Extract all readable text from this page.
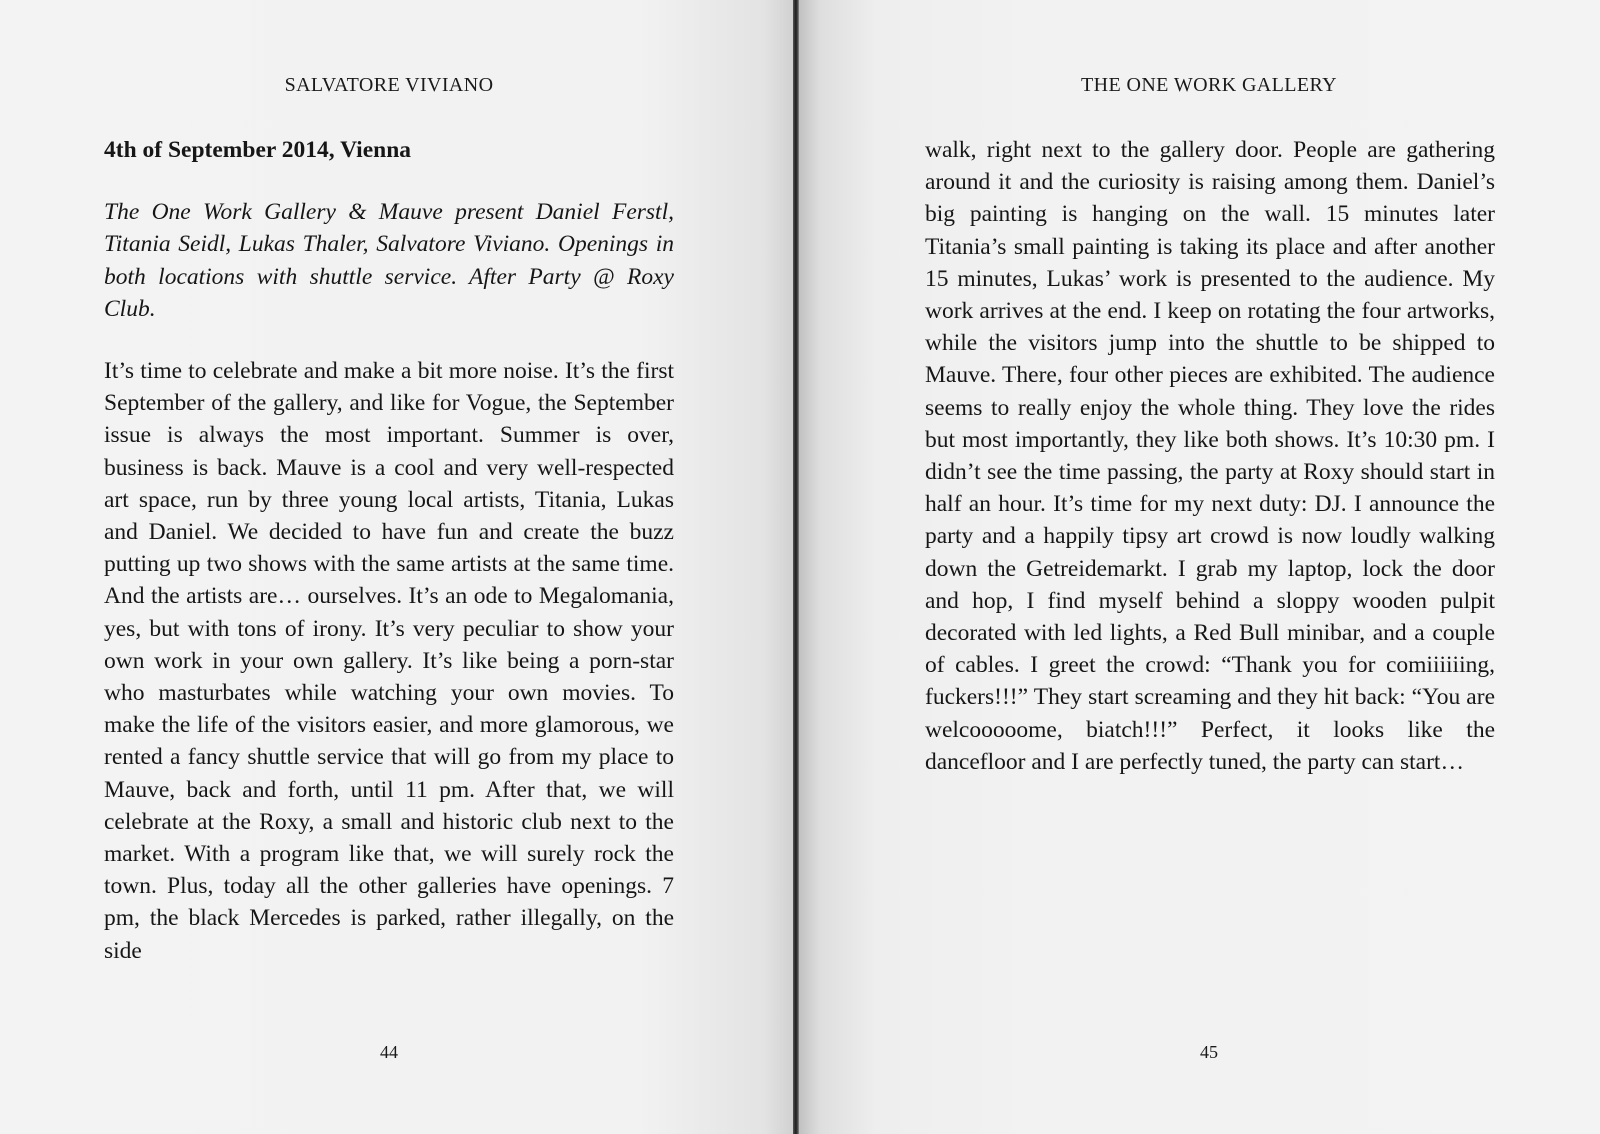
SALVATORE VIVIANO

4th of September 2014, Vienna

The One Work Gallery & Mauve present Daniel Ferstl, Titania Seidl, Lukas Thaler, Salvatore Viviano. Openings in both locations with shuttle service. After Party @ Roxy Club.

It’s time to celebrate and make a bit more noise. It’s the first September of the gallery, and like for Vogue, the September issue is always the most important. Summer is over, business is back. Mauve is a cool and very well-respected art space, run by three young local artists, Titania, Lukas and Daniel. We decided to have fun and create the buzz putting up two shows with the same artists at the same time. And the artists are… ourselves. It’s an ode to Megalomania, yes, but with tons of irony. It’s very peculiar to show your own work in your own gallery. It’s like being a porn-star who masturbates while watching your own movies. To make the life of the visitors easier, and more glamorous, we rented a fancy shuttle service that will go from my place to Mauve, back and forth, until 11 pm. After that, we will celebrate at the Roxy, a small and historic club next to the market. With a program like that, we will surely rock the town. Plus, today all the other galleries have openings. 7 pm, the black Mercedes is parked, rather illegally, on the side

44
THE ONE WORK GALLERY

walk, right next to the gallery door. People are gathering around it and the curiosity is raising among them. Daniel’s big painting is hanging on the wall. 15 minutes later Titania’s small painting is taking its place and after another 15 minutes, Lukas’ work is presented to the audience. My work arrives at the end. I keep on rotating the four artworks, while the visitors jump into the shuttle to be shipped to Mauve. There, four other pieces are exhibited. The audience seems to really enjoy the whole thing. They love the rides but most importantly, they like both shows. It’s 10:30 pm. I didn’t see the time passing, the party at Roxy should start in half an hour. It’s time for my next duty: DJ. I announce the party and a happily tipsy art crowd is now loudly walking down the Getreidemarkt. I grab my laptop, lock the door and hop, I find myself behind a sloppy wooden pulpit decorated with led lights, a Red Bull minibar, and a couple of cables. I greet the crowd: “Thank you for comiiiiiing, fuckers!!!” They start screaming and they hit back: “You are welcooooome, biatch!!!” Perfect, it looks like the dancefloor and I are perfectly tuned, the party can start…

45
